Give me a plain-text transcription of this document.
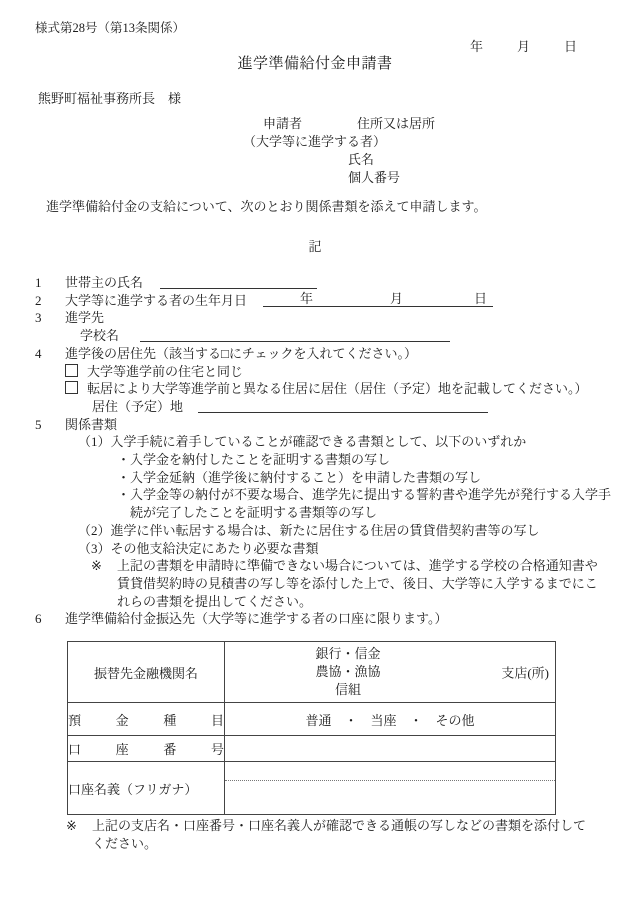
様式第28号（第13条関係）
年	月	日
進学準備給付金申請書
熊野町福祉事務所長　様
申請者	住所又は居所
（大学等に進学する者）
氏名
個人番号
進学準備給付金の支給について、次のとおり関係書類を添えて申請します。
記
1 世帯主の氏名
2 大学等に進学する者の生年月日	年	月	日
3 進学先
学校名
4 進学後の居住先（該当する□にチェックを入れてください。）
大学等進学前の住宅と同じ
転居により大学等進学前と異なる住居に居住（居住（予定）地を記載してください。）
居住（予定）地
5 関係書類
（1）入学手続に着手していることが確認できる書類として、以下のいずれか
・入学金を納付したことを証明する書類の写し
・入学金延納（進学後に納付すること）を申請した書類の写し
・入学金等の納付が不要な場合、進学先に提出する誓約書や進学先が発行する入学手
続が完了したことを証明する書類等の写し
（2）進学に伴い転居する場合は、新たに居住する住居の賃貸借契約書等の写し
（3）その他支給決定にあたり必要な書類
※ 上記の書類を申請時に準備できない場合については、進学する学校の合格通知書や
賃貸借契約時の見積書の写し等を添付した上で、後日、大学等に入学するまでにこ
れらの書類を提出してください。
6 進学準備給付金振込先（大学等に進学する者の口座に限ります。）
振替先金融機関名	銀行・信金
農協・漁協
信組
支店(所)

預　金　種　目	普通　・　当座　・　その他
口　座　番　号	
口座名義（フリガナ）	
※ 上記の支店名・口座番号・口座名義人が確認できる通帳の写しなどの書類を添付して
ください。
